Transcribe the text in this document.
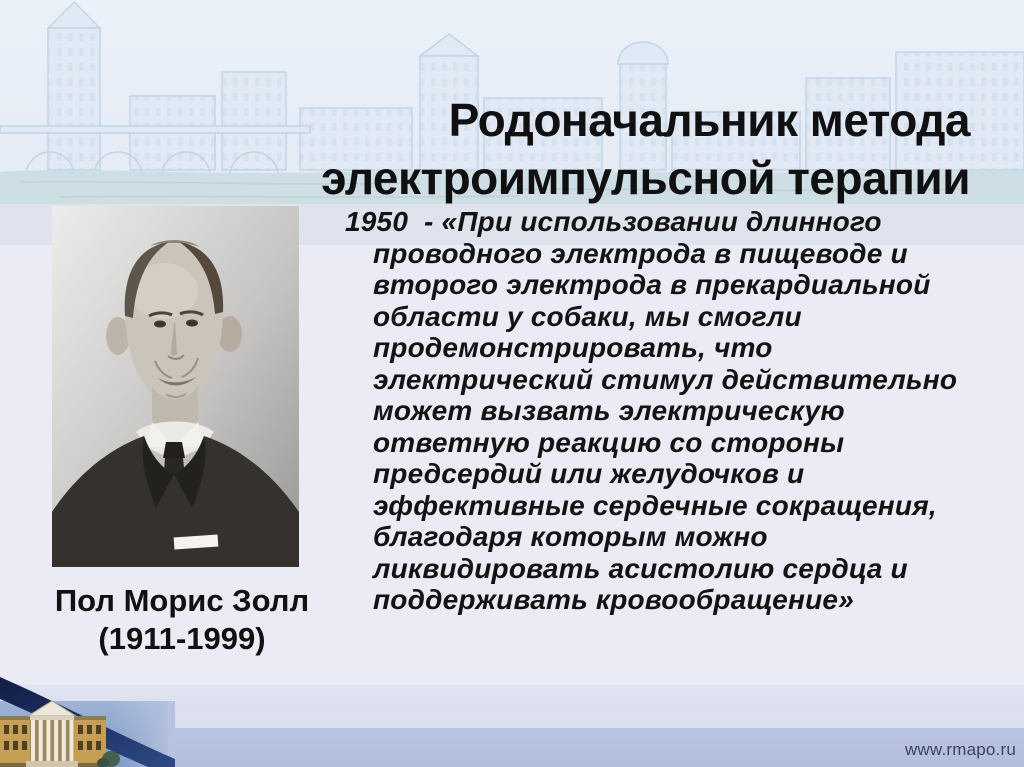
Родоначальник метода
электроимпульсной терапии
Пол Морис Золл
(1911-1999)
1950  - «При использовании длинного
проводного электрода в пищеводе и
второго электрода в прекардиальной
области у собаки, мы смогли
продемонстрировать, что
электрический стимул действительно
может вызвать электрическую
ответную реакцию со стороны
предсердий или желудочков и
эффективные сердечные сокращения,
благодаря которым можно
ликвидировать асистолию сердца и
поддерживать кровообращение»
www.rmapo.ru
